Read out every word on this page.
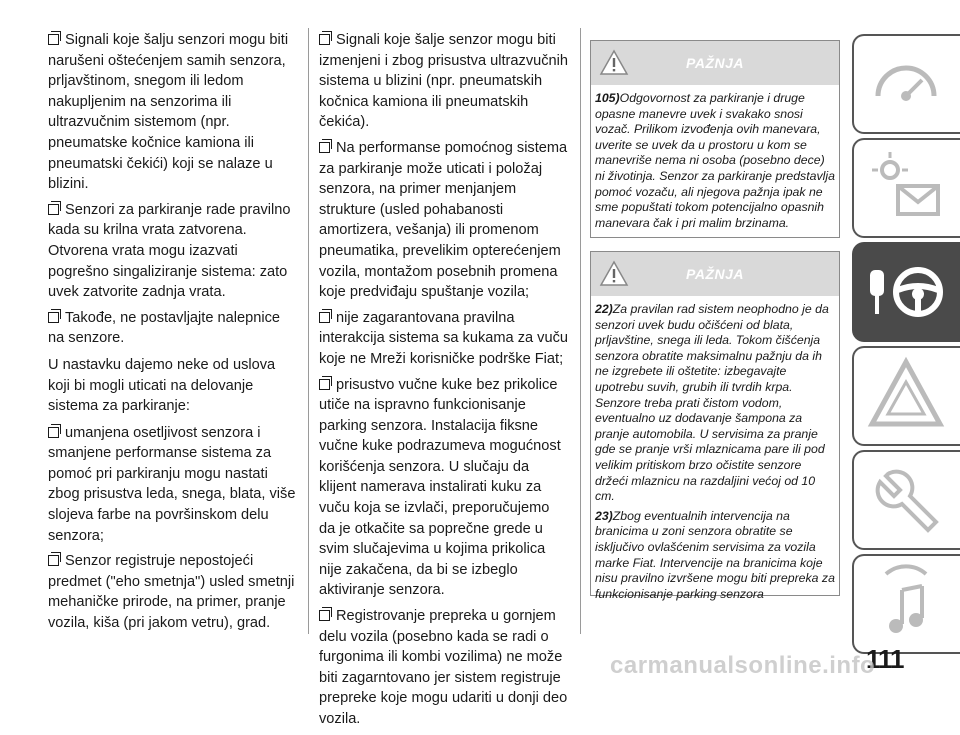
Signali koje šalju senzori mogu biti narušeni oštećenjem samih senzora, prljavštinom, snegom ili ledom nakupljenim na senzorima ili ultrazvučnim sistemom (npr. pneumatske kočnice kamiona ili pneumatski čekići) koji se nalaze u blizini.

Senzori za parkiranje rade pravilno kada su krilna vrata zatvorena. Otvorena vrata mogu izazvati pogrešno singaliziranje sistema: zato uvek zatvorite zadnja vrata.

Takođe, ne postavljajte nalepnice na senzore.

U nastavku dajemo neke od uslova koji bi mogli uticati na delovanje sistema za parkiranje:

umanjena osetljivost senzora i smanjene performanse sistema za pomoć pri parkiranju mogu nastati zbog prisustva leda, snega, blata, više slojeva farbe na površinskom delu senzora;

Senzor registruje nepostojeći predmet ("eho smetnja") usled smetnji mehaničke prirode, na primer, pranje vozila, kiša (pri jakom vetru), grad.

Signali koje šalje senzor mogu biti izmenjeni i zbog prisustva ultrazvučnih sistema u blizini (npr. pneumatskih kočnica kamiona ili pneumatskih čekića).

Na performanse pomoćnog sistema za parkiranje može uticati i položaj senzora, na primer menjanjem strukture (usled pohabanosti amortizera, vešanja) ili promenom pneumatika, prevelikim opterećenjem vozila, montažom posebnih promena koje predviđaju spuštanje vozila;

nije zagarantovana pravilna interakcija sistema sa kukama za vuču koje ne Mreži korisničke podrške Fiat;

prisustvo vučne kuke bez prikolice utiče na ispravno funkcionisanje parking senzora. Instalacija fiksne vučne kuke podrazumeva mogućnost korišćenja senzora. U slučaju da klijent namerava instalirati kuku za vuču koja se izvlači, preporučujemo da je otkačite sa poprečne grede u svim slučajevima u kojima prikolica nije zakačena, da bi se izbeglo aktiviranje senzora.

Registrovanje prepreka u gornjem delu vozila (posebno kada se radi o furgonima ili kombi vozilima) ne može biti zagarntovano jer sistem registruje prepreke koje mogu udariti u donji deo vozila.

PAŽNJA

105)Odgovornost za parkiranje i druge opasne manevre uvek i svakako snosi vozač. Prilikom izvođenja ovih manevara, uverite se uvek da u prostoru u kom se manevriše nema ni osoba (posebno dece) ni životinja. Senzor za parkiranje predstavlja pomoć vozaču, ali njegova pažnja ipak ne sme popuštati tokom potencijalno opasnih manevara čak i pri malim brzinama.

PAŽNJA

22)Za pravilan rad sistem neophodno je da senzori uvek budu očišćeni od blata, prljavštine, snega ili leda. Tokom čišćenja senzora obratite maksimalnu pažnju da ih ne izgrebete ili oštetite: izbegavajte upotrebu suvih, grubih ili tvrdih krpa. Senzore treba prati čistom vodom, eventualno uz dodavanje šampona za pranje automobila. U servisima za pranje gde se pranje vrši mlaznicama pare ili pod velikim pritiskom brzo očistite senzore držeći mlaznicu na razdaljini većoj od 10 cm.

23)Zbog eventualnih intervencija na branicima u zoni senzora obratite se isključivo ovlašćenim servisima za vozila marke Fiat. Intervencije na branicima koje nisu pravilno izvršene mogu biti prepreka za funkcionisanje parking senzora

111
carmanualsonline.info
